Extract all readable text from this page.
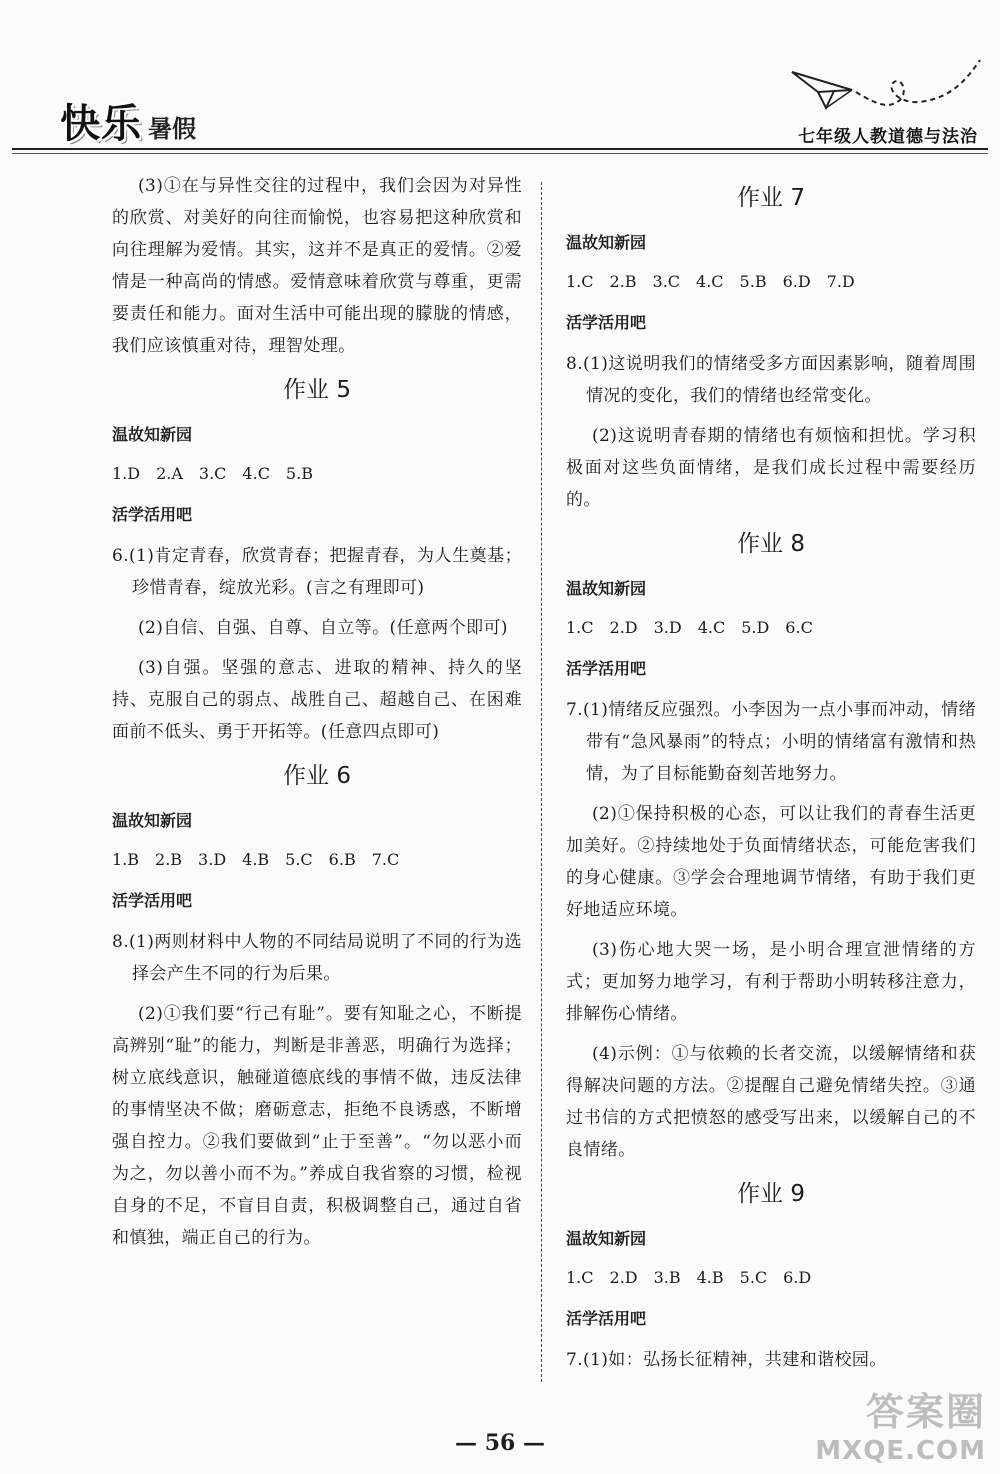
快乐 暑假	七年级人教道德与法治

(3)①在与异性交往的过程中，我们会因为对异性的欣赏、对美好的向往而愉悦，也容易把这种欣赏和向往理解为爱情。其实，这并不是真正的爱情。②爱情是一种高尚的情感。爱情意味着欣赏与尊重，更需要责任和能力。面对生活中可能出现的朦胧的情感，我们应该慎重对待，理智处理。

作业 5
温故知新园
1.D　2.A　3.C　4.C　5.B
活学活用吧

6.(1)肯定青春，欣赏青春；把握青春，为人生奠基；珍惜青春，绽放光彩。(言之有理即可)

(2)自信、自强、自尊、自立等。(任意两个即可)

(3)自强。坚强的意志、进取的精神、持久的坚持、克服自己的弱点、战胜自己、超越自己、在困难面前不低头、勇于开拓等。(任意四点即可)

作业 6
温故知新园
1.B　2.B　3.D　4.B　5.C　6.B　7.C
活学活用吧

8.(1)两则材料中人物的不同结局说明了不同的行为选择会产生不同的行为后果。

(2)①我们要“行己有耻”。要有知耻之心，不断提高辨别“耻”的能力，判断是非善恶，明确行为选择；树立底线意识，触碰道德底线的事情不做，违反法律的事情坚决不做；磨砺意志，拒绝不良诱惑，不断增强自控力。②我们要做到“止于至善”。“勿以恶小而为之，勿以善小而不为。”养成自我省察的习惯，检视自身的不足，不盲目自责，积极调整自己，通过自省和慎独，端正自己的行为。

作业 7
温故知新园
1.C　2.B　3.C　4.C　5.B　6.D　7.D
活学活用吧

8.(1)这说明我们的情绪受多方面因素影响，随着周围情况的变化，我们的情绪也经常变化。

(2)这说明青春期的情绪也有烦恼和担忧。学习积极面对这些负面情绪，是我们成长过程中需要经历的。

作业 8
温故知新园
1.C　2.D　3.D　4.C　5.D　6.C
活学活用吧

7.(1)情绪反应强烈。小李因为一点小事而冲动，情绪带有“急风暴雨”的特点；小明的情绪富有激情和热情，为了目标能勤奋刻苦地努力。

(2)①保持积极的心态，可以让我们的青春生活更加美好。②持续地处于负面情绪状态，可能危害我们的身心健康。③学会合理地调节情绪，有助于我们更好地适应环境。

(3)伤心地大哭一场，是小明合理宣泄情绪的方式；更加努力地学习，有利于帮助小明转移注意力，排解伤心情绪。

(4)示例：①与依赖的长者交流，以缓解情绪和获得解决问题的方法。②提醒自己避免情绪失控。③通过书信的方式把愤怒的感受写出来，以缓解自己的不良情绪。

作业 9
温故知新园
1.C　2.D　3.B　4.B　5.C　6.D
活学活用吧

7.(1)如：弘扬长征精神，共建和谐校园。

— 56 —
答案圈
MXQE.COM
